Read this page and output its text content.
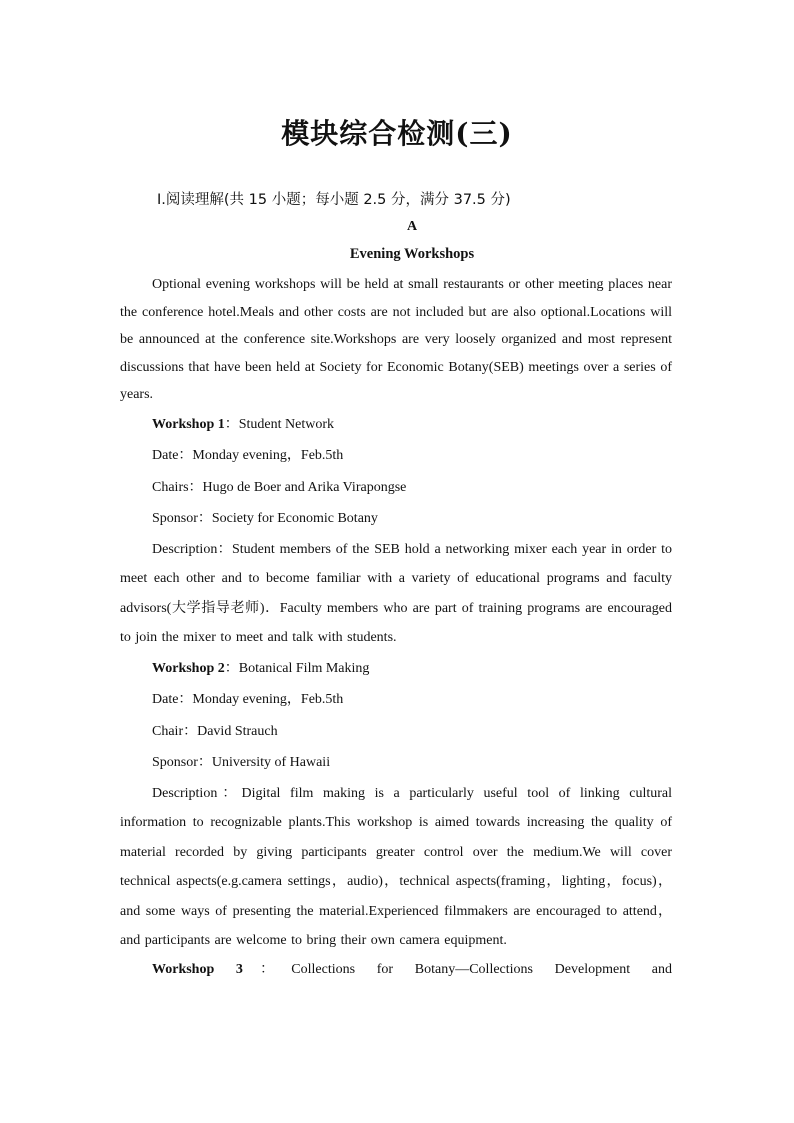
模块综合检测(三)
Ⅰ.阅读理解(共 15 小题；每小题 2.5 分，满分 37.5 分)
A
Evening Workshops

Optional evening workshops will be held at small restaurants or other meeting places near the conference hotel.Meals and other costs are not included but are also optional.Locations will be announced at the conference site.Workshops are very loosely organized and most represent discussions that have been held at Society for Economic Botany(SEB) meetings over a series of years.

Workshop 1：Student Network

Date：Monday evening，Feb.5th

Chairs：Hugo de Boer and Arika Virapongse

Sponsor：Society for Economic Botany

Description：Student members of the SEB hold a networking mixer each year in order to meet each other and to become familiar with a variety of educational programs and faculty advisors(大学指导老师)．Faculty members who are part of training programs are encouraged to join the mixer to meet and talk with students.

Workshop 2：Botanical Film Making

Date：Monday evening，Feb.5th

Chair：David Strauch

Sponsor：University of Hawaii

Description：Digital film making is a particularly useful tool of linking cultural information to recognizable plants.This workshop is aimed towards increasing the quality of material recorded by giving participants greater control over the medium.We will cover technical aspects(e.g.camera settings，audio)，technical aspects(framing，lighting，focus)，and some ways of presenting the material.Experienced filmmakers are encouraged to attend，and participants are welcome to bring their own camera equipment.

Workshop 3：Collections for Botany—Collections Development and
